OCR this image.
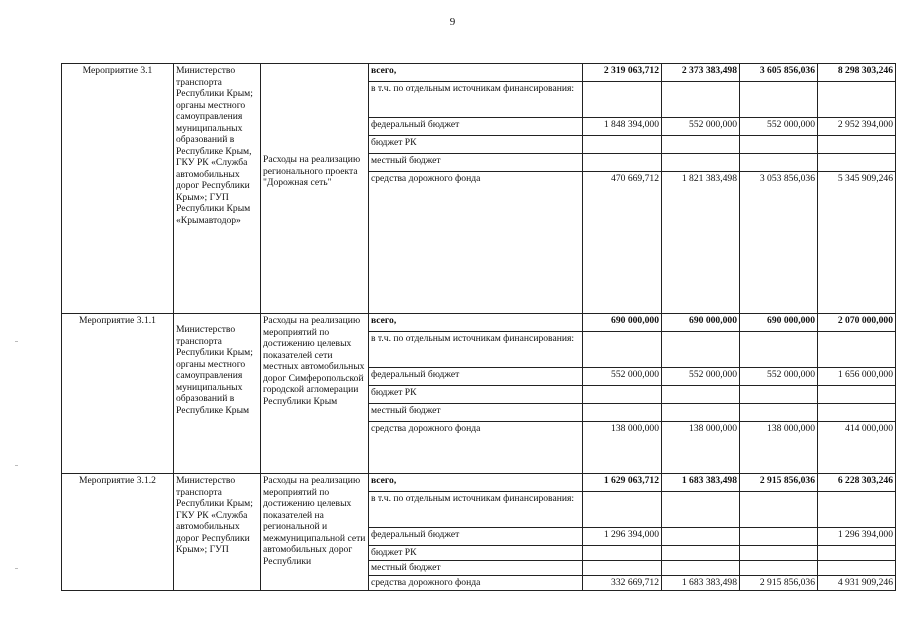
9
Мероприятие 3.1	Министерство транспорта Республики Крым; органы местного самоуправления муниципальных образований в Республике Крым, ГКУ РК «Служба автомобильных дорог Республики Крым»; ГУП Республики Крым «Крымавтодор»	Расходы на реализацию регионального проекта "Дорожная сеть"	всего,	2 319 063,712	2 373 383,498	3 605 856,036	8 298 303,246
			в т.ч. по отдельным источникам финансирования:				
			федеральный бюджет	1 848 394,000	552 000,000	552 000,000	2 952 394,000
			бюджет РК				
			местный бюджет				
			средства дорожного фонда	470 669,712	1 821 383,498	3 053 856,036	5 345 909,246
Мероприятие 3.1.1	Министерство транспорта Республики Крым; органы местного самоуправления муниципальных образований в Республике Крым	Расходы на реализацию мероприятий по достижению целевых показателей сети местных автомобильных дорог Симферопольской городской агломерации Республики Крым	всего,	690 000,000	690 000,000	690 000,000	2 070 000,000
			в т.ч. по отдельным источникам финансирования:				
			федеральный бюджет	552 000,000	552 000,000	552 000,000	1 656 000,000
			бюджет РК				
			местный бюджет				
			средства дорожного фонда	138 000,000	138 000,000	138 000,000	414 000,000
Мероприятие 3.1.2	Министерство транспорта Республики Крым; ГКУ РК «Служба автомобильных дорог Республики Крым»; ГУП	Расходы на реализацию мероприятий по достижению целевых показателей на региональной и межмуниципальной сети автомобильных дорог Республики	всего,	1 629 063,712	1 683 383,498	2 915 856,036	6 228 303,246
			в т.ч. по отдельным источникам финансирования:				
			федеральный бюджет	1 296 394,000			1 296 394,000
			бюджет РК				
			местный бюджет				
			средства дорожного фонда	332 669,712	1 683 383,498	2 915 856,036	4 931 909,246
